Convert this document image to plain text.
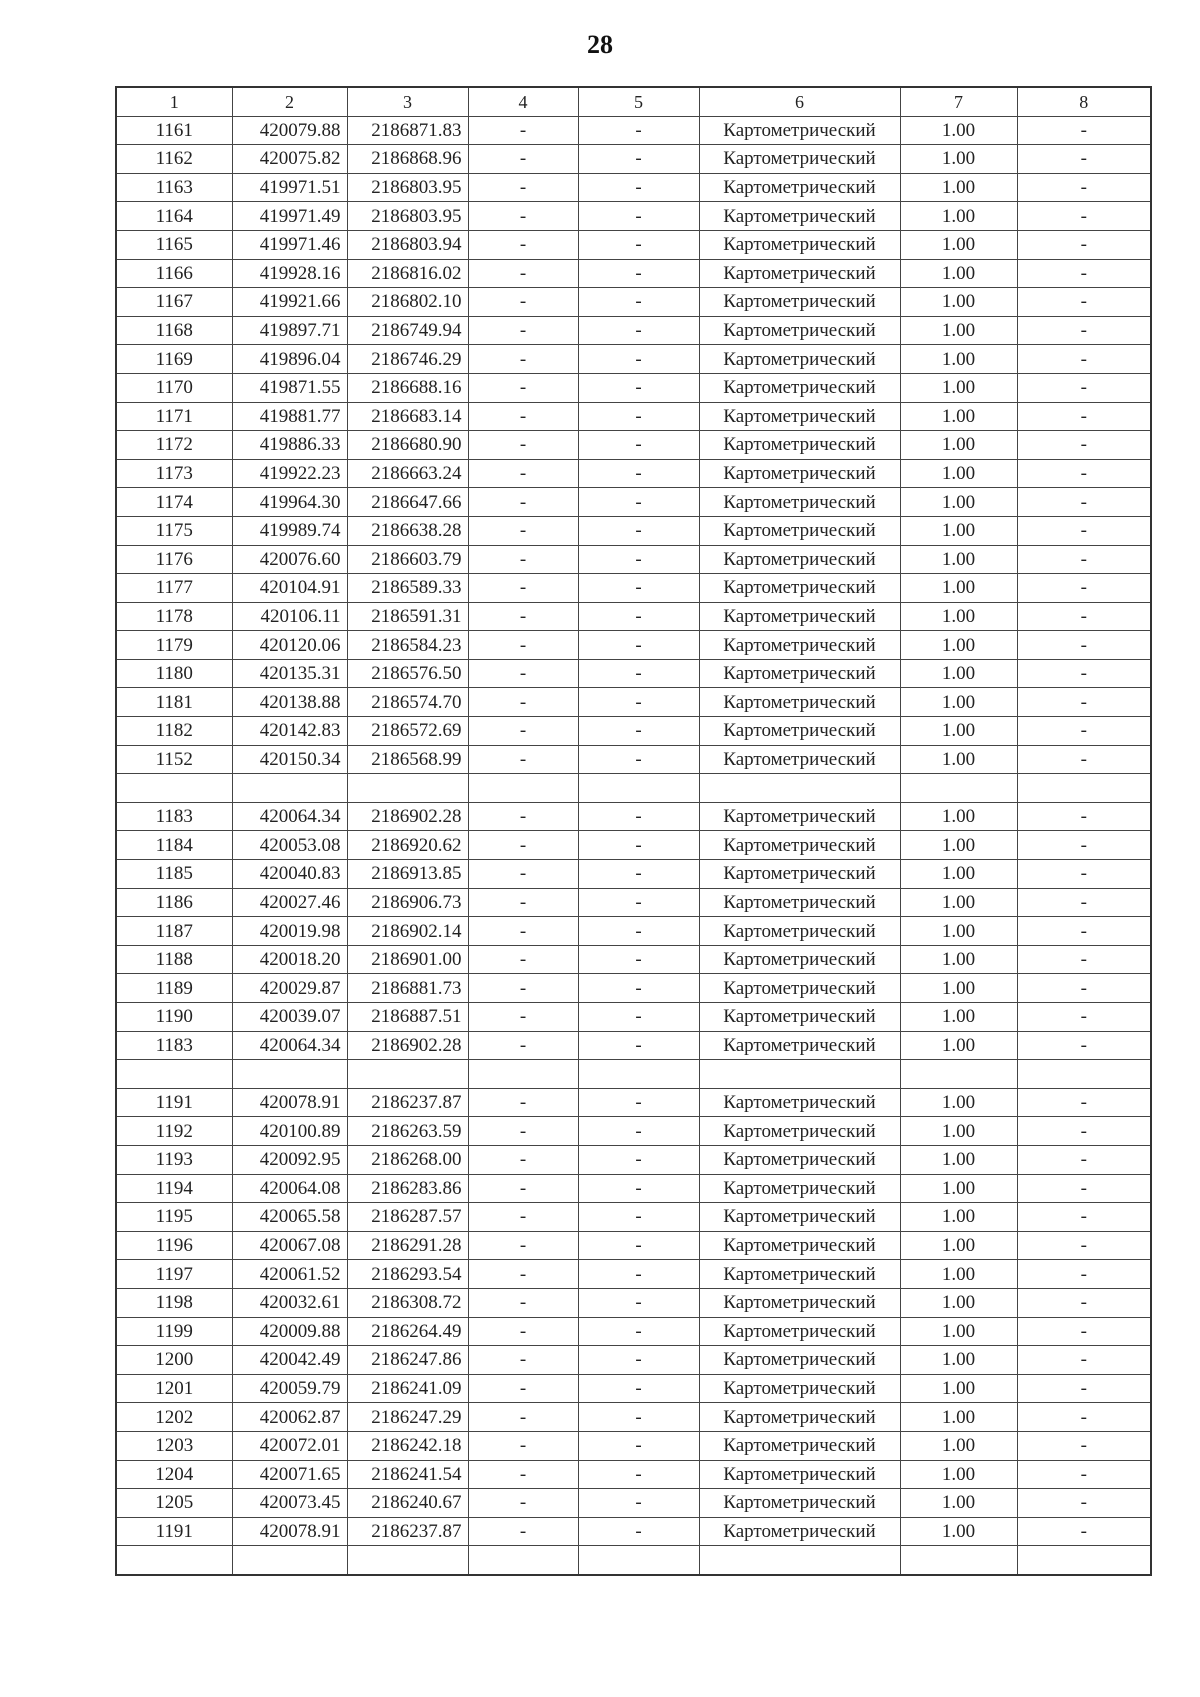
28
1	2	3	4	5	6	7	8
1161	420079.88	2186871.83	-	-	Картометрический	1.00	-
1162	420075.82	2186868.96	-	-	Картометрический	1.00	-
1163	419971.51	2186803.95	-	-	Картометрический	1.00	-
1164	419971.49	2186803.95	-	-	Картометрический	1.00	-
1165	419971.46	2186803.94	-	-	Картометрический	1.00	-
1166	419928.16	2186816.02	-	-	Картометрический	1.00	-
1167	419921.66	2186802.10	-	-	Картометрический	1.00	-
1168	419897.71	2186749.94	-	-	Картометрический	1.00	-
1169	419896.04	2186746.29	-	-	Картометрический	1.00	-
1170	419871.55	2186688.16	-	-	Картометрический	1.00	-
1171	419881.77	2186683.14	-	-	Картометрический	1.00	-
1172	419886.33	2186680.90	-	-	Картометрический	1.00	-
1173	419922.23	2186663.24	-	-	Картометрический	1.00	-
1174	419964.30	2186647.66	-	-	Картометрический	1.00	-
1175	419989.74	2186638.28	-	-	Картометрический	1.00	-
1176	420076.60	2186603.79	-	-	Картометрический	1.00	-
1177	420104.91	2186589.33	-	-	Картометрический	1.00	-
1178	420106.11	2186591.31	-	-	Картометрический	1.00	-
1179	420120.06	2186584.23	-	-	Картометрический	1.00	-
1180	420135.31	2186576.50	-	-	Картометрический	1.00	-
1181	420138.88	2186574.70	-	-	Картометрический	1.00	-
1182	420142.83	2186572.69	-	-	Картометрический	1.00	-
1152	420150.34	2186568.99	-	-	Картометрический	1.00	-

1183	420064.34	2186902.28	-	-	Картометрический	1.00	-
1184	420053.08	2186920.62	-	-	Картометрический	1.00	-
1185	420040.83	2186913.85	-	-	Картометрический	1.00	-
1186	420027.46	2186906.73	-	-	Картометрический	1.00	-
1187	420019.98	2186902.14	-	-	Картометрический	1.00	-
1188	420018.20	2186901.00	-	-	Картометрический	1.00	-
1189	420029.87	2186881.73	-	-	Картометрический	1.00	-
1190	420039.07	2186887.51	-	-	Картометрический	1.00	-
1183	420064.34	2186902.28	-	-	Картометрический	1.00	-

1191	420078.91	2186237.87	-	-	Картометрический	1.00	-
1192	420100.89	2186263.59	-	-	Картометрический	1.00	-
1193	420092.95	2186268.00	-	-	Картометрический	1.00	-
1194	420064.08	2186283.86	-	-	Картометрический	1.00	-
1195	420065.58	2186287.57	-	-	Картометрический	1.00	-
1196	420067.08	2186291.28	-	-	Картометрический	1.00	-
1197	420061.52	2186293.54	-	-	Картометрический	1.00	-
1198	420032.61	2186308.72	-	-	Картометрический	1.00	-
1199	420009.88	2186264.49	-	-	Картометрический	1.00	-
1200	420042.49	2186247.86	-	-	Картометрический	1.00	-
1201	420059.79	2186241.09	-	-	Картометрический	1.00	-
1202	420062.87	2186247.29	-	-	Картометрический	1.00	-
1203	420072.01	2186242.18	-	-	Картометрический	1.00	-
1204	420071.65	2186241.54	-	-	Картометрический	1.00	-
1205	420073.45	2186240.67	-	-	Картометрический	1.00	-
1191	420078.91	2186237.87	-	-	Картометрический	1.00	-
